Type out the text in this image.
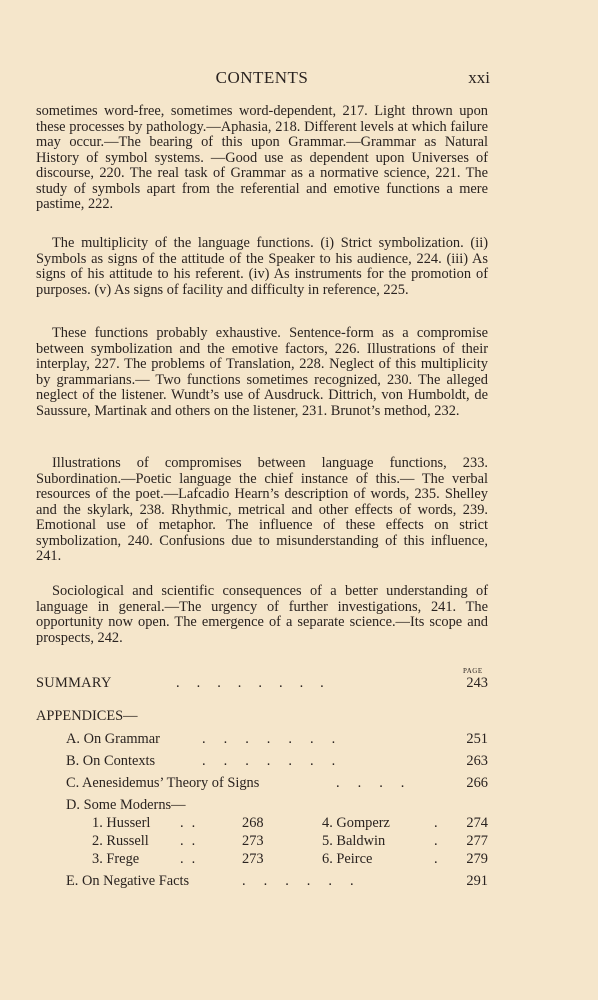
CONTENTS	xxi

sometimes word-free, sometimes word-dependent, 217. Light thrown upon these processes by pathology.—Aphasia, 218. Different levels at which failure may occur.—The bearing of this upon Grammar.—Grammar as Natural History of symbol systems. —Good use as dependent upon Universes of discourse, 220. The real task of Grammar as a normative science, 221. The study of symbols apart from the referential and emotive functions a mere pastime, 222.

The multiplicity of the language functions. (i) Strict symbolization. (ii) Symbols as signs of the attitude of the Speaker to his audience, 224. (iii) As signs of his attitude to his referent. (iv) As instruments for the promotion of purposes. (v) As signs of facility and difficulty in reference, 225.

These functions probably exhaustive. Sentence-form as a compromise between symbolization and the emotive factors, 226. Illustrations of their interplay, 227. The problems of Translation, 228. Neglect of this multiplicity by grammarians.— Two functions sometimes recognized, 230. The alleged neglect of the listener. Wundt’s use of Ausdruck. Dittrich, von Humboldt, de Saussure, Martinak and others on the listener, 231. Brunot’s method, 232.

Illustrations of compromises between language functions, 233. Subordination.—Poetic language the chief instance of this.— The verbal resources of the poet.—Lafcadio Hearn’s description of words, 235. Shelley and the skylark, 238. Rhythmic, metrical and other effects of words, 239. Emotional use of metaphor. The influence of these effects on strict symbolization, 240. Confusions due to misunderstanding of this influence, 241.

Sociological and scientific consequences of a better understanding of language in general.—The urgency of further investigations, 241. The opportunity now open. The emergence of a separate science.—Its scope and prospects, 242.

PAGE
SUMMARY	........	243
APPENDICES—
A. On Grammar	.......	251
B. On Contexts	.......	263
C. Aenesidemus’ Theory of Signs	....	266
D. Some Moderns—
1. Husserl ..	268
2. Russell ..	273
3. Frege	..	273
4. Gomperz	. 274
5. Baldwin	. 277
6. Peirce	. 279
E. On Negative Facts	......	291
